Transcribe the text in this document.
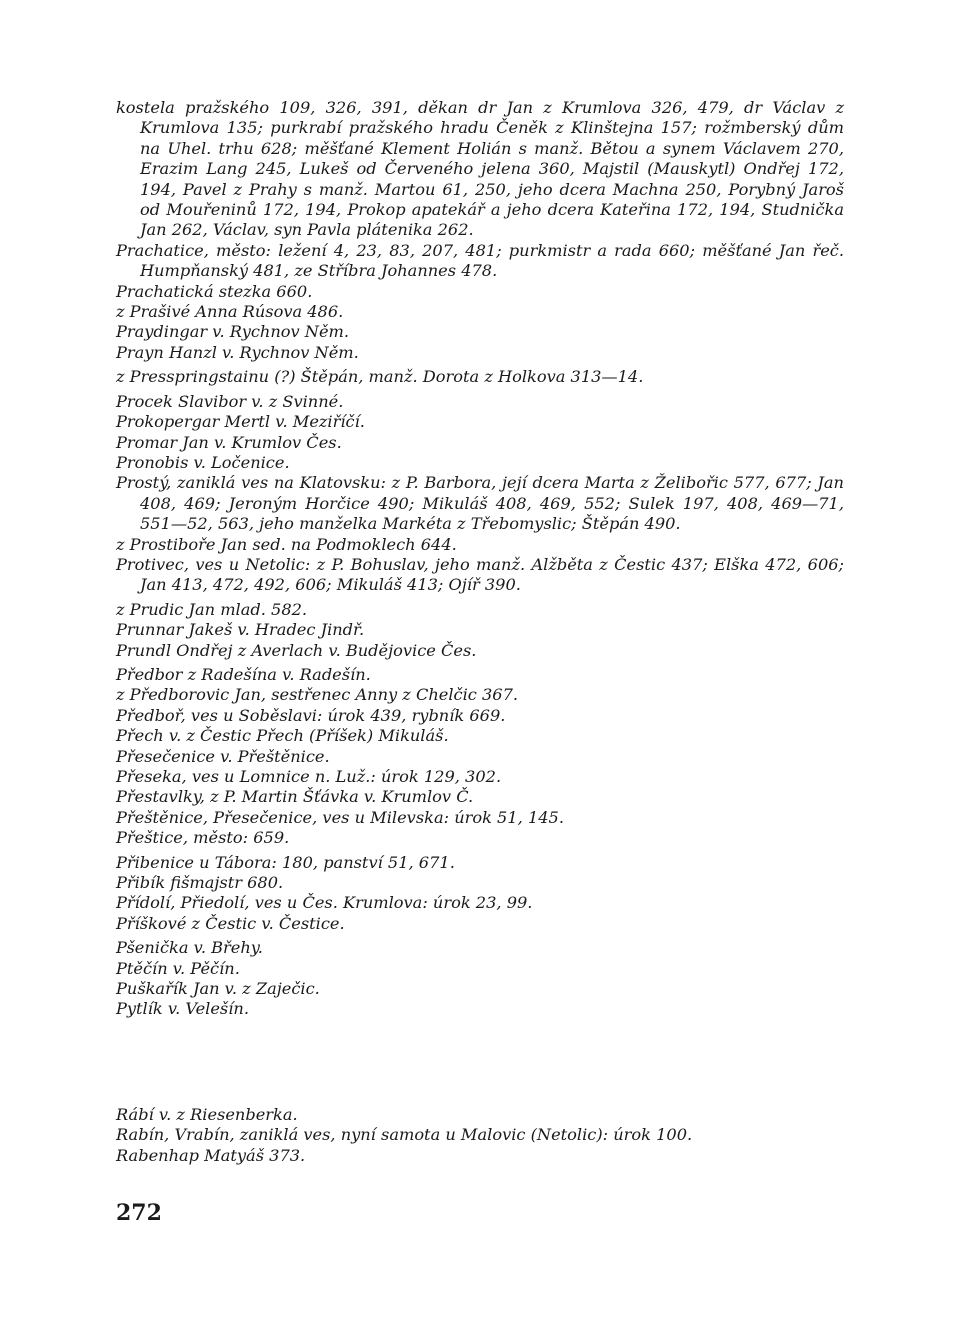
kostela pražského 109, 326, 391, děkan dr Jan z Krumlova 326, 479, dr Václav z Krumlova 135; purkrabí pražského hradu Čeněk z Klinštejna 157; rožmberský dům na Uhel. trhu 628; měšťané Klement Holián s manž. Bětou a synem Václavem 270, Erazim Lang 245, Lukeš od Červeného jelena 360, Majstil (Mauskytl) Ondřej 172, 194, Pavel z Prahy s manž. Martou 61, 250, jeho dcera Machna 250, Porybný Jaroš od Mouřeninů 172, 194, Prokop apatekář a jeho dcera Kateřina 172, 194, Studnička Jan 262, Václav, syn Pavla plátenika 262.

Prachatice, město: ležení 4, 23, 83, 207, 481; purkmistr a rada 660; měšťané Jan řeč. Humpňanský 481, ze Stříbra Johannes 478.

Prachatická stezka 660.

z Prašivé Anna Rúsova 486.

Praydingar v. Rychnov Něm.

Prayn Hanzl v. Rychnov Něm.

z Presspringstainu (?) Štěpán, manž. Dorota z Holkova 313—14.

Procek Slavibor v. z Svinné.

Prokopergar Mertl v. Meziříčí.

Promar Jan v. Krumlov Čes.

Pronobis v. Ločenice.

Prostý, zaniklá ves na Klatovsku: z P. Barbora, její dcera Marta z Želibořic 577, 677; Jan 408, 469; Jeroným Horčice 490; Mikuláš 408, 469, 552; Sulek 197, 408, 469—71, 551—52, 563, jeho manželka Markéta z Třebomyslic; Štěpán 490.

z Prostiboře Jan sed. na Podmoklech 644.

Protivec, ves u Netolic: z P. Bohuslav, jeho manž. Alžběta z Čestic 437; Elška 472, 606; Jan 413, 472, 492, 606; Mikuláš 413; Ojíř 390.

z Prudic Jan mlad. 582.

Prunnar Jakeš v. Hradec Jindř.

Prundl Ondřej z Averlach v. Budějovice Čes.

Předbor z Radešína v. Radešín.

z Předborovic Jan, sestřenec Anny z Chelčic 367.

Předboř, ves u Soběslavi: úrok 439, rybník 669.

Přech v. z Čestic Přech (Příšek) Mikuláš.

Přesečenice v. Přeštěnice.

Přeseka, ves u Lomnice n. Luž.: úrok 129, 302.

Přestavlky, z P. Martin Šťávka v. Krumlov Č.

Přeštěnice, Přesečenice, ves u Milevska: úrok 51, 145.

Přeštice, město: 659.

Přibenice u Tábora: 180, panství 51, 671.

Přibík fišmajstr 680.

Přídolí, Přiedolí, ves u Čes. Krumlova: úrok 23, 99.

Příškové z Čestic v. Čestice.

Pšenička v. Břehy.

Ptěčín v. Pěčín.

Puškařík Jan v. z Zaječic.

Pytlík v. Velešín.

Rábí v. z Riesenberka.

Rabín, Vrabín, zaniklá ves, nyní samota u Malovic (Netolic): úrok 100.

Rabenhap Matyáš 373.

272
